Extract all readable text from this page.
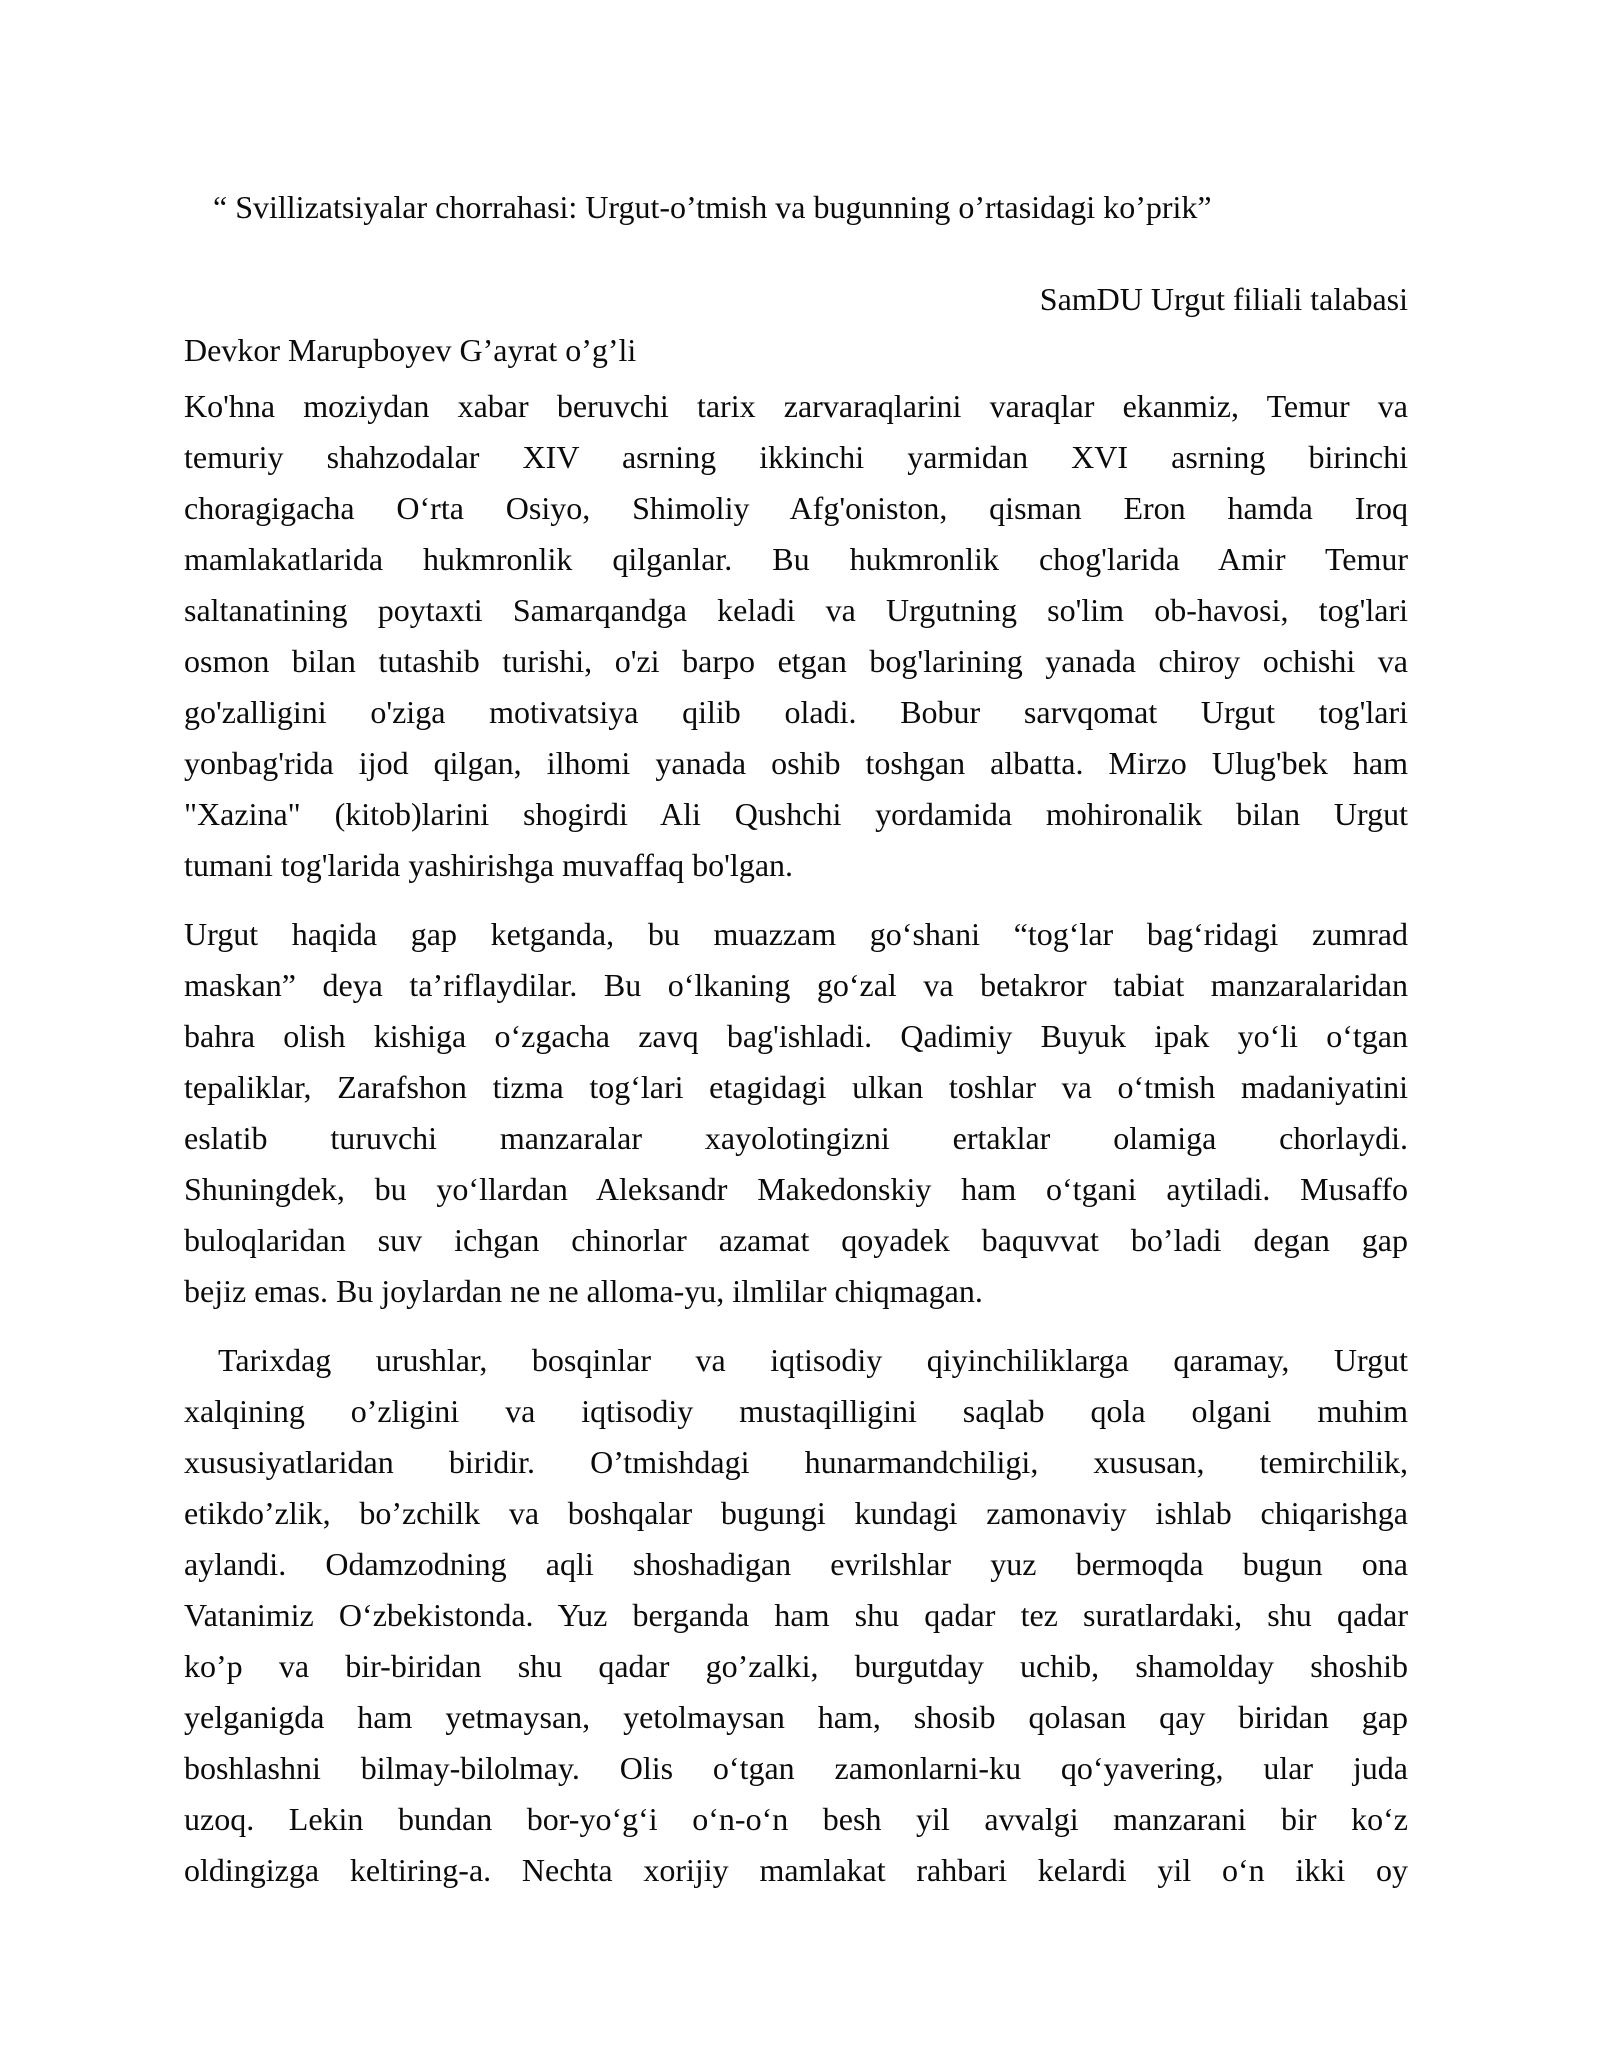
“ Svillizatsiyalar chorrahasi: Urgut-o’tmish va bugunning o’rtasidagi ko’prik”
SamDU Urgut filiali talabasi
Devkor Marupboyev G’ayrat o’g’li
Ko'hna moziydan xabar beruvchi tarix zarvaraqlarini varaqlar ekanmiz, Temur va
temuriy shahzodalar XIV asrning ikkinchi yarmidan XVI asrning birinchi
choragigacha O‘rta Osiyo, Shimoliy Afg'oniston, qisman Eron hamda Iroq
mamlakatlarida hukmronlik qilganlar. Bu hukmronlik chog'larida Amir Temur
saltanatining poytaxti Samarqandga keladi va Urgutning so'lim ob-havosi, tog'lari
osmon bilan tutashib turishi, o'zi barpo etgan bog'larining yanada chiroy ochishi va
go'zalligini o'ziga motivatsiya qilib oladi. Bobur sarvqomat Urgut tog'lari
yonbag'rida ijod qilgan, ilhomi yanada oshib toshgan albatta. Mirzo Ulug'bek ham
"Xazina" (kitob)larini shogirdi Ali Qushchi yordamida mohironalik bilan Urgut
tumani tog'larida yashirishga muvaffaq bo'lgan.
Urgut haqida gap ketganda, bu muazzam go‘shani “tog‘lar bag‘ridagi zumrad
maskan” deya ta’riflaydilar. Bu o‘lkaning go‘zal va betakror tabiat manzaralaridan
bahra olish kishiga o‘zgacha zavq bag'ishladi. Qadimiy Buyuk ipak yo‘li o‘tgan
tepaliklar, Zarafshon tizma tog‘lari etagidagi ulkan toshlar va o‘tmish madaniyatini
eslatib turuvchi manzaralar xayolotingizni ertaklar olamiga chorlaydi.
Shuningdek, bu yo‘llardan Aleksandr Makedonskiy ham o‘tgani aytiladi. Musaffo
buloqlaridan suv ichgan chinorlar azamat qoyadek baquvvat bo’ladi degan gap
bejiz emas. Bu joylardan ne ne alloma-yu, ilmlilar chiqmagan.
Tarixdag urushlar, bosqinlar va iqtisodiy qiyinchiliklarga qaramay, Urgut
xalqining o’zligini va iqtisodiy mustaqilligini saqlab qola olgani muhim
xususiyatlaridan biridir. O’tmishdagi hunarmandchiligi, xususan, temirchilik,
etikdo’zlik, bo’zchilk va boshqalar bugungi kundagi zamonaviy ishlab chiqarishga
aylandi. Odamzodning aqli shoshadigan evrilshlar yuz bermoqda bugun ona
Vatanimiz O‘zbekistonda. Yuz berganda ham shu qadar tez suratlardaki, shu qadar
ko’p va bir-biridan shu qadar go’zalki, burgutday uchib, shamolday shoshib
yelganigda ham yetmaysan, yetolmaysan ham, shosib qolasan qay biridan gap
boshlashni bilmay-bilolmay. Olis o‘tgan zamonlarni-ku qo‘yavering, ular juda
uzoq. Lekin bundan bor-yo‘g‘i o‘n-o‘n besh yil avvalgi manzarani bir ko‘z
oldingizga keltiring-a. Nechta xorijiy mamlakat rahbari kelardi yil o‘n ikki oy
